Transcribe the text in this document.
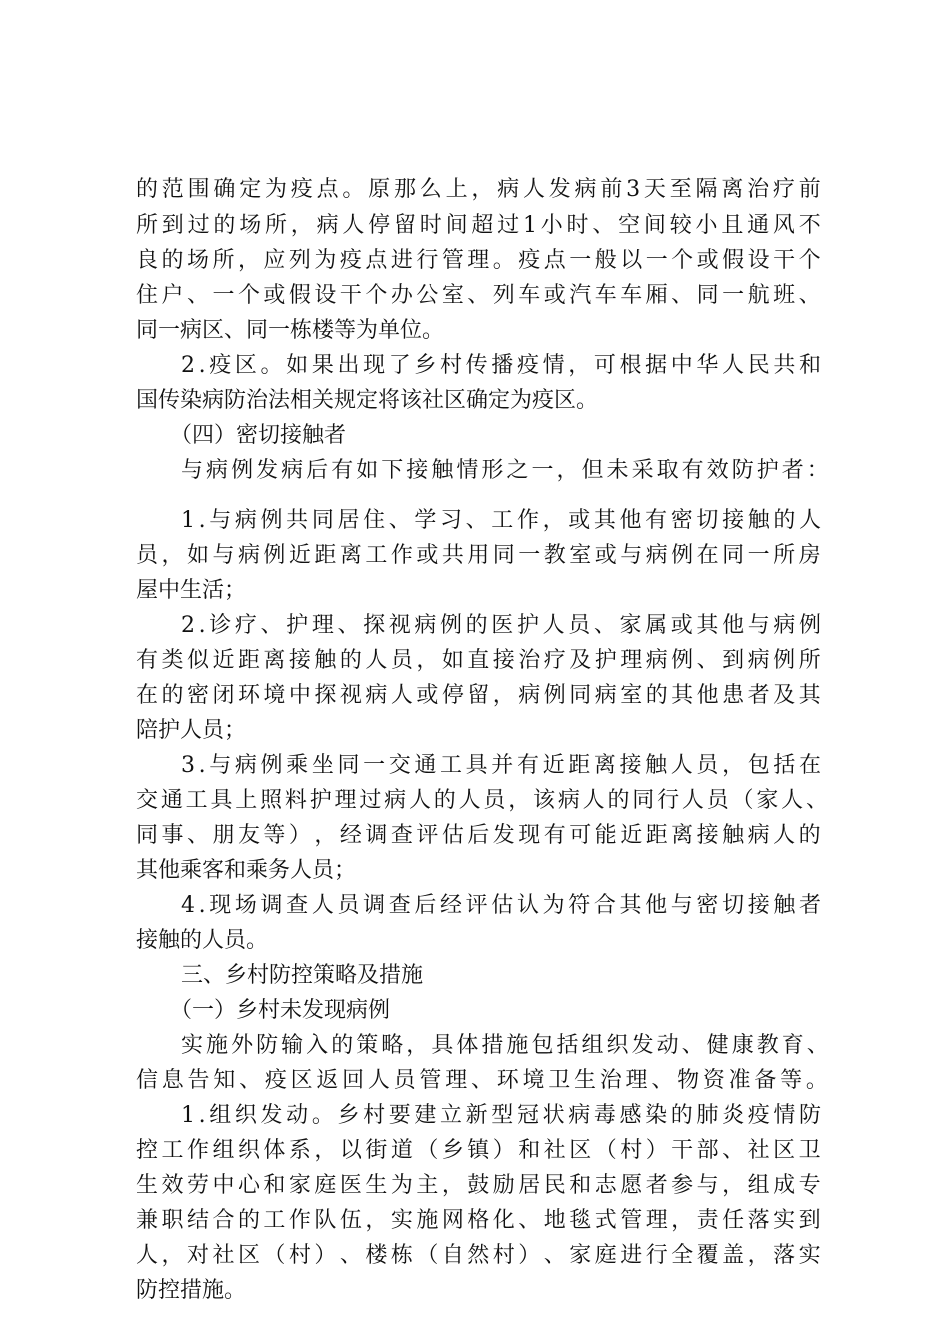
的 范 围 确 定 为 疫 点 。 原 那 么 上 ， 病 人 发 病 前 3 天 至 隔 离 治 疗 前
所 到 过 的 场 所 ， 病 人 停 留 时 间 超 过 1 小 时 、 空 间 较 小 且 通 风 不
良 的 场 所 ， 应 列 为 疫 点 进 行 管 理 。 疫 点 一 般 以 一 个 或 假 设 干 个
住 户 、 一 个 或 假 设 干 个 办 公 室 、 列 车 或 汽 车 车 厢 、 同 一 航 班 、
同一病区、同一栋楼等为单位。
2 . 疫 区 。 如 果 出 现 了 乡 村 传 播 疫 情 ， 可 根 据 中 华 人 民 共 和
国传染病防治法相关规定将该社区确定为疫区。
（四）密切接触者
与 病 例 发 病 后 有 如 下 接 触 情 形 之 一 ， 但 未 采 取 有 效 防 护 者 ：
1 . 与 病 例 共 同 居 住 、 学 习 、 工 作 ， 或 其 他 有 密 切 接 触 的 人
员 ， 如 与 病 例 近 距 离 工 作 或 共 用 同 一 教 室 或 与 病 例 在 同 一 所 房
屋中生活；
2 . 诊 疗 、 护 理 、 探 视 病 例 的 医 护 人 员 、 家 属 或 其 他 与 病 例
有 类 似 近 距 离 接 触 的 人 员 ， 如 直 接 治 疗 及 护 理 病 例 、 到 病 例 所
在 的 密 闭 环 境 中 探 视 病 人 或 停 留 ， 病 例 同 病 室 的 其 他 患 者 及 其
陪护人员；
3 . 与 病 例 乘 坐 同 一 交 通 工 具 并 有 近 距 离 接 触 人 员 ， 包 括 在
交 通 工 具 上 照 料 护 理 过 病 人 的 人 员 ， 该 病 人 的 同 行 人 员 （ 家 人 、
同 事 、 朋 友 等 ） ， 经 调 查 评 估 后 发 现 有 可 能 近 距 离 接 触 病 人 的
其他乘客和乘务人员；
4 . 现 场 调 查 人 员 调 查 后 经 评 估 认 为 符 合 其 他 与 密 切 接 触 者
接触的人员。
三、乡村防控策略及措施
（一）乡村未发现病例
实 施 外 防 输 入 的 策 略 ， 具 体 措 施 包 括 组 织 发 动 、 健 康 教 育 、
信 息 告 知 、 疫 区 返 回 人 员 管 理 、 环 境 卫 生 治 理 、 物 资 准 备 等 。
1 . 组 织 发 动 。 乡 村 要 建 立 新 型 冠 状 病 毒 感 染 的 肺 炎 疫 情 防
控 工 作 组 织 体 系 ， 以 街 道 （ 乡 镇 ） 和 社 区 （ 村 ） 干 部 、 社 区 卫
生 效 劳 中 心 和 家 庭 医 生 为 主 ， 鼓 励 居 民 和 志 愿 者 参 与 ， 组 成 专
兼 职 结 合 的 工 作 队 伍 ， 实 施 网 格 化 、 地 毯 式 管 理 ， 责 任 落 实 到
人 ， 对 社 区 （ 村 ） 、 楼 栋 （ 自 然 村 ） 、 家 庭 进 行 全 覆 盖 ， 落 实
防控措施。
